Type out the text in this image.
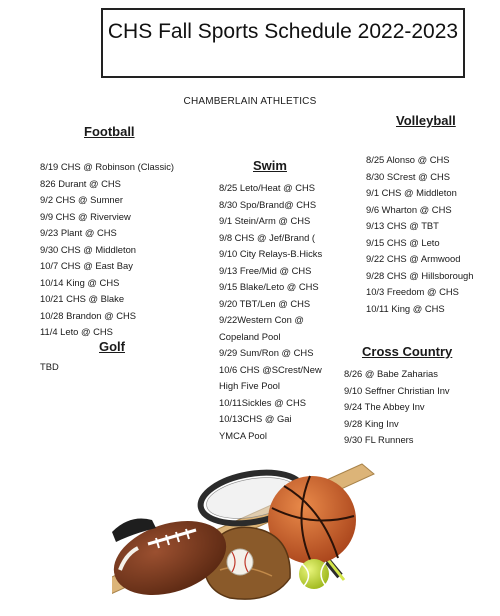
CHS Fall Sports Schedule 2022-2023
CHAMBERLAIN ATHLETICS
Football
8/19 CHS @ Robinson (Classic)
826 Durant @ CHS
9/2 CHS @ Sumner
9/9 CHS @ Riverview
9/23 Plant @ CHS
9/30 CHS @ Middleton
10/7 CHS @ East Bay
10/14 King @ CHS
10/21 CHS @ Blake
10/28 Brandon @ CHS
11/4 Leto @ CHS
Golf
TBD
Swim
8/25 Leto/Heat @ CHS
8/30 Spo/Brand@ CHS
9/1 Stein/Arm @ CHS
9/8 CHS @ Jef/Brand (
9/10 City Relays-B.Hicks
9/13 Free/Mid @ CHS
9/15 Blake/Leto @ CHS
9/20 TBT/Len @ CHS
9/22Western Con @
Copeland Pool
9/29 Sum/Ron @ CHS
10/6 CHS @SCrest/New
High Five Pool
10/11Sickles @ CHS
10/13CHS @ Gai
YMCA Pool
Volleyball
8/25 Alonso @ CHS
8/30 SCrest @ CHS
9/1 CHS @ Middleton
9/6 Wharton @ CHS
9/13 CHS @ TBT
9/15 CHS @ Leto
9/22 CHS @ Armwood
9/28 CHS @ Hillsborough
10/3 Freedom @ CHS
10/11 King @ CHS
Cross Country
8/26 @ Babe Zaharias
9/10 Seffner Christian Inv
9/24 The Abbey Inv
9/28 King Inv
9/30 FL Runners
